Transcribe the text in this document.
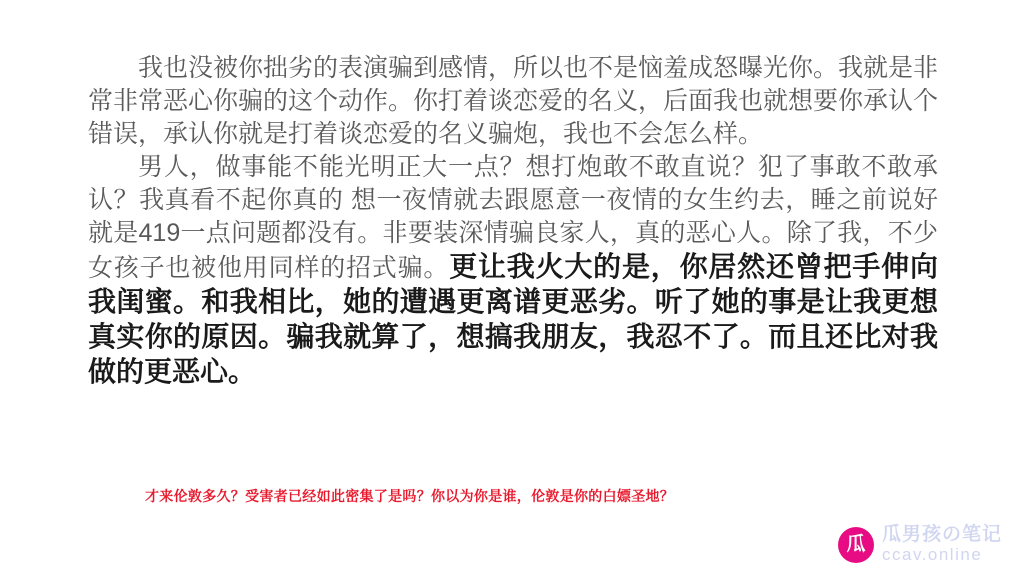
我也没被你拙劣的表演骗到感情，所以也不是恼羞成怒曝光你。我就是非常非常恶心你骗的这个动作。你打着谈恋爱的名义，后面我也就想要你承认个错误，承认你就是打着谈恋爱的名义骗炮，我也不会怎么样。

男人，做事能不能光明正大一点？想打炮敢不敢直说？犯了事敢不敢承认？我真看不起你真的 想一夜情就去跟愿意一夜情的女生约去，睡之前说好就是419一点问题都没有。非要装深情骗良家人，真的恶心人。除了我，不少女孩子也被他用同样的招式骗。更让我火大的是，你居然还曾把手伸向我闺蜜。和我相比，她的遭遇更离谱更恶劣。听了她的事是让我更想真实你的原因。骗我就算了，想搞我朋友，我忍不了。而且还比对我做的更恶心。

才来伦敦多久？受害者已经如此密集了是吗？你以为你是谁，伦敦是你的白嫖圣地？
瓜 瓜男孩の笔记
ccav.online
